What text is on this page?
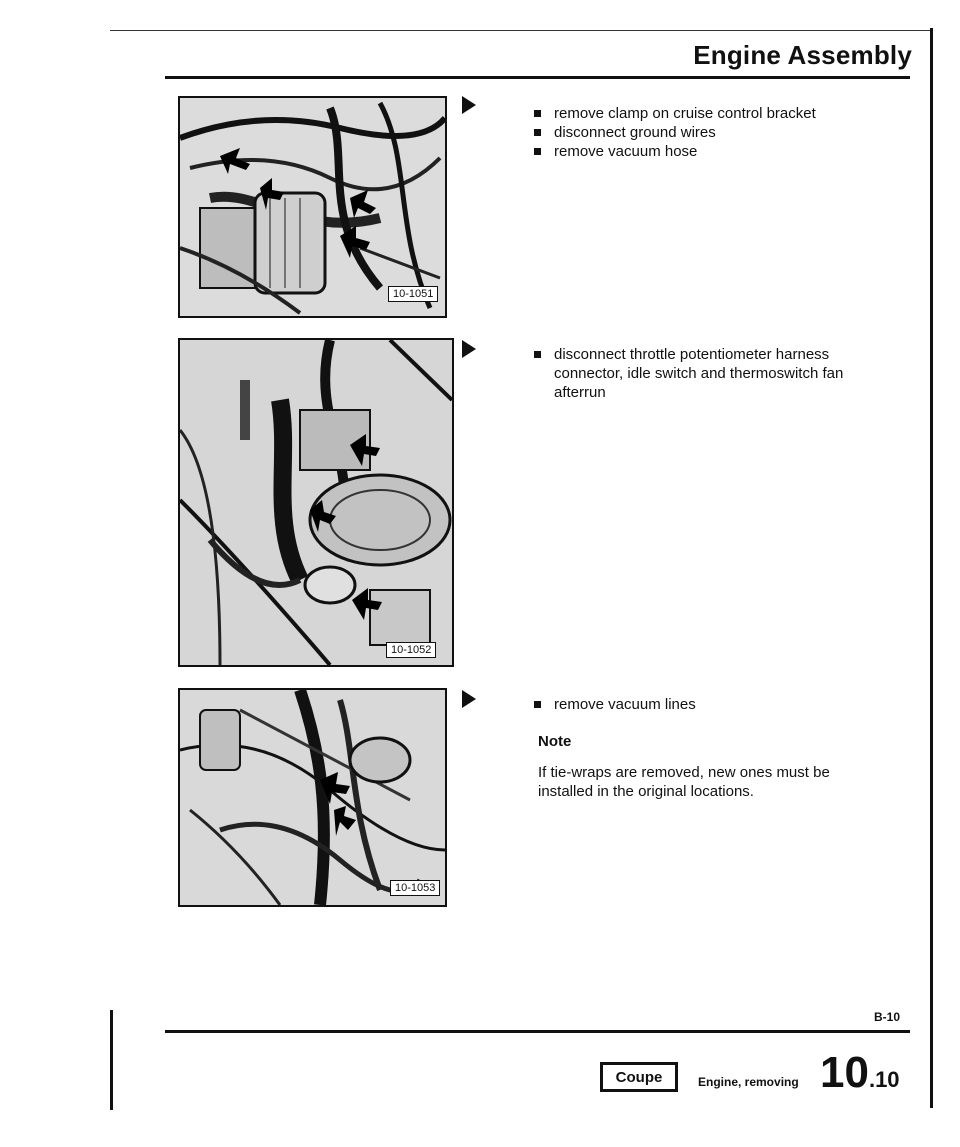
Engine Assembly
10-1051
10-1052
10-1053
remove clamp on cruise control bracket
disconnect ground wires
remove vacuum hose
disconnect throttle potentiometer harness connector, idle switch and thermoswitch fan afterrun
remove vacuum lines
Note
If tie-wraps are removed, new ones must be installed in the original locations.
B-10
Coupe	Engine, removing 10.10
